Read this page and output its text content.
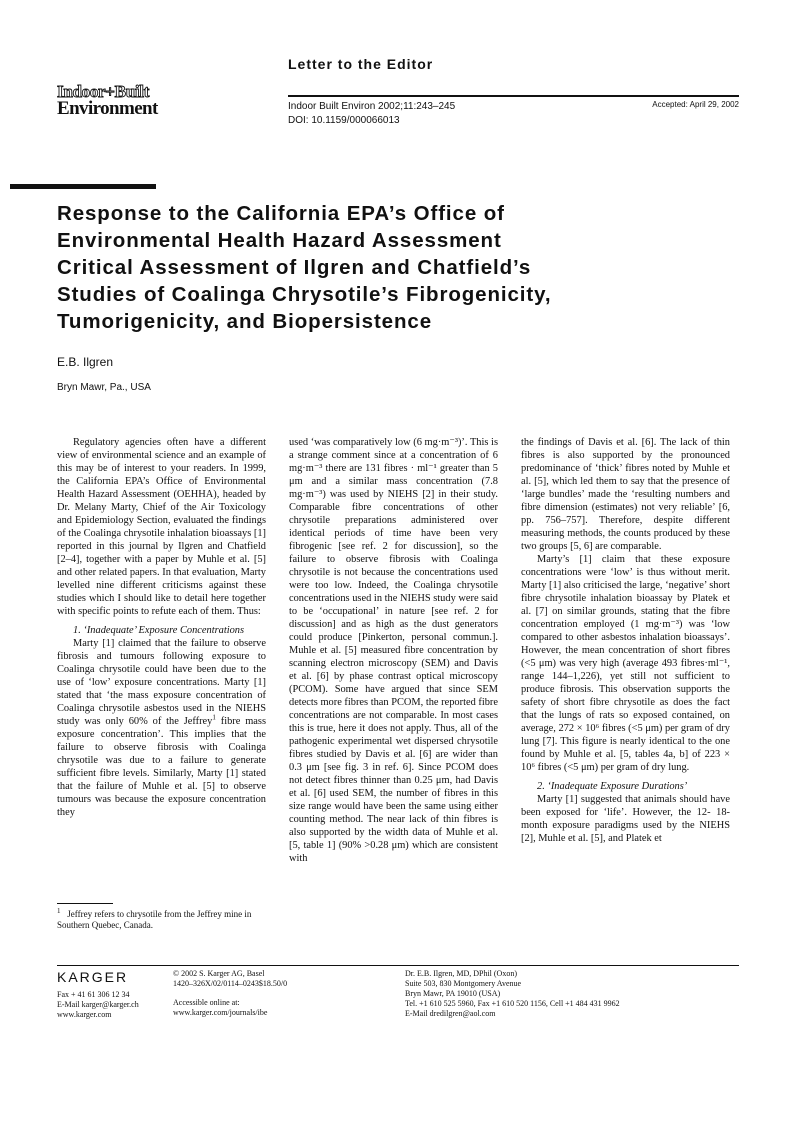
Indoor+Built
Environment
Letter to the Editor
Indoor Built Environ 2002;11:243–245
DOI: 10.1159/000066013
Accepted: April 29, 2002
Response to the California EPA’s Office of
Environmental Health Hazard Assessment
Critical Assessment of Ilgren and Chatfield’s
Studies of Coalinga Chrysotile’s Fibrogenicity,
Tumorigenicity, and Biopersistence
E.B. Ilgren
Bryn Mawr, Pa., USA

Regulatory agencies often have a different view of environmental science and an example of this may be of interest to your readers. In 1999, the California EPA’s Office of Environmental Health Hazard Assessment (OEHHA), headed by Dr. Melany Marty, Chief of the Air Toxicology and Epidemiology Section, evaluated the findings of the Coalinga chrysotile inhalation bioassays [1] reported in this journal by Ilgren and Chatfield [2–4], together with a paper by Muhle et al. [5] and other related papers. In that evaluation, Marty levelled nine different criticisms against these studies which I should like to detail here together with specific points to refute each of them. Thus:

1. ‘Inadequate’ Exposure Concentrations

Marty [1] claimed that the failure to observe fibrosis and tumours following exposure to Coalinga chrysotile could have been due to the use of ‘low’ exposure concentrations. Marty [1] stated that ‘the mass exposure concentration of Coalinga chrysotile asbestos used in the NIEHS study was only 60% of the Jeffrey$^1$ fibre mass exposure concentration’. This implies that the failure to observe fibrosis with Coalinga chrysotile was due to a failure to generate sufficient fibre levels. Similarly, Marty [1] stated that the failure of Muhle et al. [5] to observe tumours was because the exposure concentration they

$^1$ Jeffrey refers to chrysotile from the Jeffrey mine in Southern Quebec, Canada.

used ‘was comparatively low (6 mg·m⁻³)’. This is a strange comment since at a concentration of 6 mg·m⁻³ there are 131 fibres · ml⁻¹ greater than 5 μm and a similar mass concentration (7.8 mg·m⁻³) was used by NIEHS [2] in their study. Comparable fibre concentrations of other chrysotile preparations administered over identical periods of time have been very fibrogenic [see ref. 2 for discussion], so the failure to observe fibrosis with Coalinga chrysotile is not because the concentrations used were too low. Indeed, the Coalinga chrysotile concentrations used in the NIEHS study were said to be ‘occupational’ in nature [see ref. 2 for discussion] and as high as the dust generators could produce [Pinkerton, personal commun.]. Muhle et al. [5] measured fibre concentration by scanning electron microscopy (SEM) and Davis et al. [6] by phase contrast optical microscopy (PCOM). Some have argued that since SEM detects more fibres than PCOM, the reported fibre concentrations are not comparable. In most cases this is true, here it does not apply. Thus, all of the pathogenic experimental wet dispersed chrysotile fibres studied by Davis et al. [6] are wider than 0.3 μm [see fig. 3 in ref. 6]. Since PCOM does not detect fibres thinner than 0.25 μm, had Davis et al. [6] used SEM, the number of fibres in this size range would have been the same using either counting method. The near lack of thin fibres is also supported by the width data of Muhle et al. [5, table 1] (90% >0.28 μm) which are consistent with

the findings of Davis et al. [6]. The lack of thin fibres is also supported by the pronounced predominance of ‘thick’ fibres noted by Muhle et al. [5], which led them to say that the presence of ‘large bundles’ made the ‘resulting numbers and fibre dimension (estimates) not very reliable’ [6, pp. 756–757]. Therefore, despite different measuring methods, the counts produced by these two groups [5, 6] are comparable.

Marty’s [1] claim that these exposure concentrations were ‘low’ is thus without merit. Marty [1] also criticised the large, ‘negative’ short fibre chrysotile inhalation bioassay by Platek et al. [7] on similar grounds, stating that the fibre concentration employed (1 mg·m⁻³) was ‘low compared to other asbestos inhalation bioassays’. However, the mean concentration of short fibres (<5 μm) was very high (average 493 fibres·ml⁻¹, range 144–1,226), yet still not sufficient to produce fibrosis. This observation supports the safety of short fibre chrysotile as does the fact that the lungs of rats so exposed contained, on average, 272 × 10⁶ fibres (<5 μm) per gram of dry lung [7]. This figure is nearly identical to the one found by Muhle et al. [5, tables 4a, b] of 223 × 10⁶ fibres (<5 μm) per gram of dry lung.

2. ‘Inadequate Exposure Durations’

Marty [1] suggested that animals should have been exposed for ‘life’. However, the 12- 18-month exposure paradigms used by the NIEHS [2], Muhle et al. [5], and Platek et

KARGER
Fax + 41 61 306 12 34
E-Mail karger@karger.ch
www.karger.com
© 2002 S. Karger AG, Basel
1420–326X/02/0114–0243$18.50/0
Accessible online at:
www.karger.com/journals/ibe
Dr. E.B. Ilgren, MD, DPhil (Oxon)
Suite 503, 830 Montgomery Avenue
Bryn Mawr, PA 19010 (USA)
Tel. +1 610 525 5960, Fax +1 610 520 1156, Cell +1 484 431 9962
E-Mail dredilgren@aol.com
